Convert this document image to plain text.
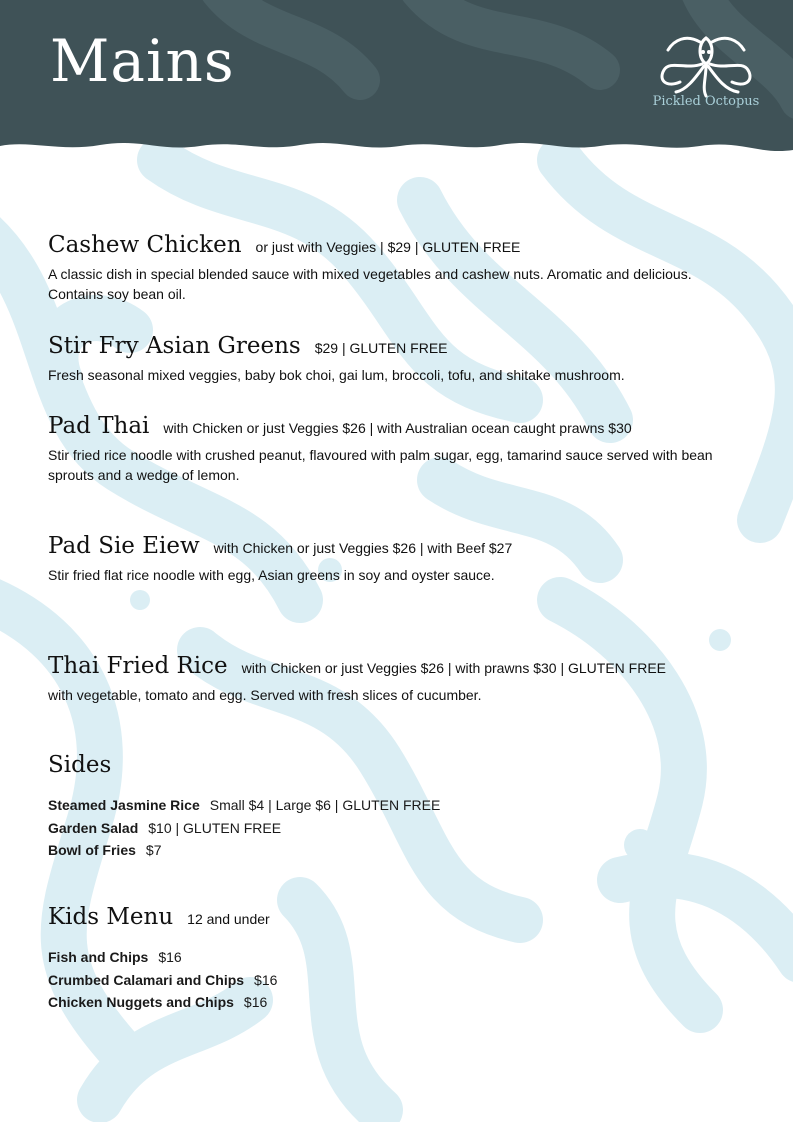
Mains
Pickled Octopus
Cashew Chicken or just with Veggies | $29 | GLUTEN FREE
A classic dish in special blended sauce with mixed vegetables and cashew nuts. Aromatic and delicious. Contains soy bean oil.
Stir Fry Asian Greens $29 | GLUTEN FREE
Fresh seasonal mixed veggies, baby bok choi, gai lum, broccoli, tofu, and shitake mushroom.
Pad Thai with Chicken or just Veggies $26 | with Australian ocean caught prawns $30
Stir fried rice noodle with crushed peanut, flavoured with palm sugar, egg, tamarind sauce served with bean sprouts and a wedge of lemon.
Pad Sie Eiew with Chicken or just Veggies $26 | with Beef $27
Stir fried flat rice noodle with egg, Asian greens in soy and oyster sauce.
Thai Fried Rice with Chicken or just Veggies $26 | with prawns $30 | GLUTEN FREE
with vegetable, tomato and egg. Served with fresh slices of cucumber.
Sides
Steamed Jasmine Rice Small $4 | Large $6 | GLUTEN FREE
Garden Salad $10 | GLUTEN FREE
Bowl of Fries $7
Kids Menu 12 and under
Fish and Chips $16
Crumbed Calamari and Chips $16
Chicken Nuggets and Chips $16
